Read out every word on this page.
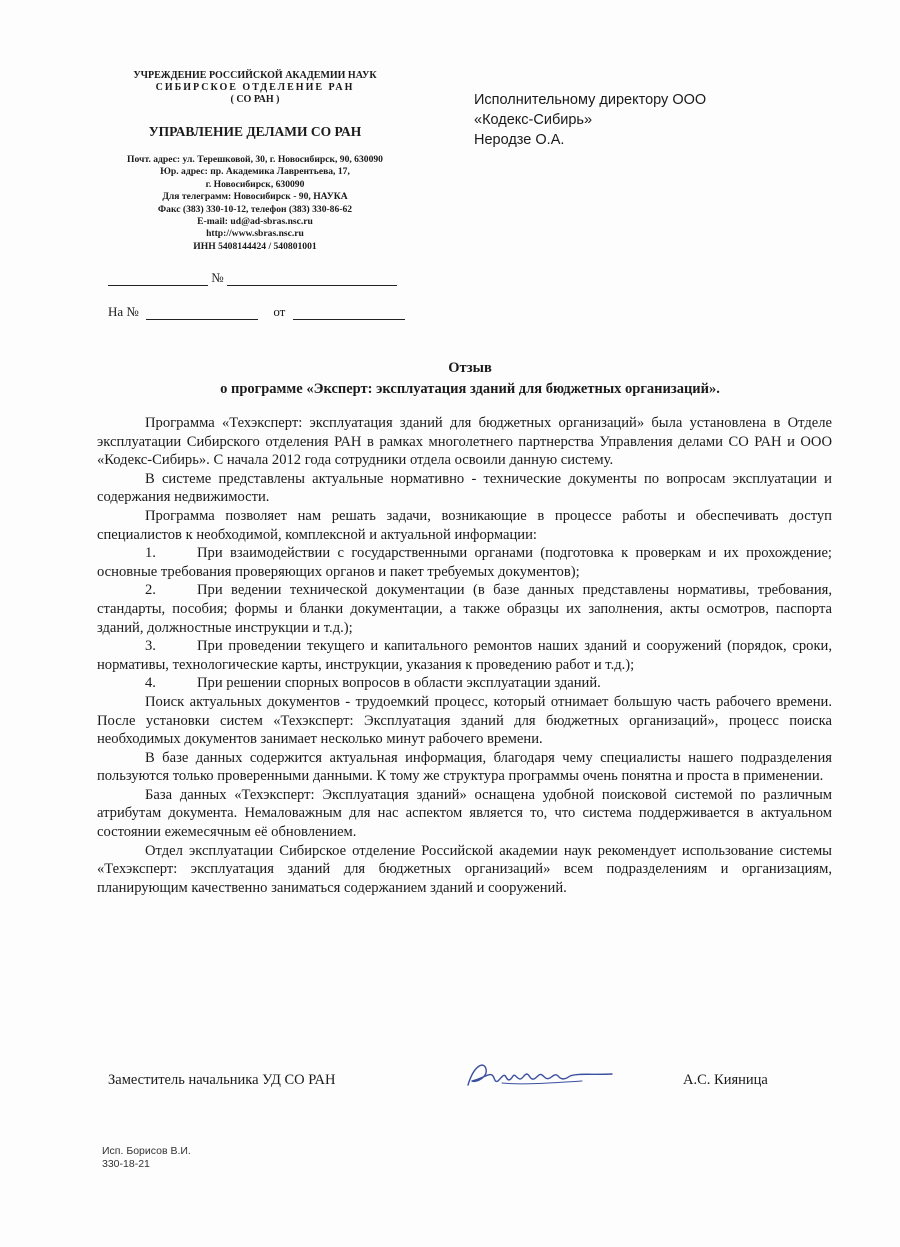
УЧРЕЖДЕНИЕ РОССИЙСКОЙ АКАДЕМИИ НАУК
СИБИРСКОЕ ОТДЕЛЕНИЕ РАН
( СО РАН )
УПРАВЛЕНИЕ ДЕЛАМИ СО РАН
Почт. адрес: ул. Терешковой, 30, г. Новосибирск, 90, 630090
Юр. адрес: пр. Академика Лаврентьева, 17,
г. Новосибирск, 630090
Для телеграмм: Новосибирск - 90, НАУКА
Факс (383) 330-10-12, телефон (383) 330-86-62
E-mail: ud@ad-sbras.nsc.ru
http://www.sbras.nsc.ru
ИНН 5408144424 / 540801001
№
На №	от
Исполнительному директору ООО
«Кодекс-Сибирь»
Неродзе О.А.
Отзыв
о программе «Эксперт: эксплуатация зданий для бюджетных организаций».

Программа «Техэксперт: эксплуатация зданий для бюджетных организаций» была установлена в Отделе эксплуатации Сибирского отделения РАН в рамках многолетнего партнерства Управления делами СО РАН и ООО «Кодекс-Сибирь». С начала 2012 года сотрудники отдела освоили данную систему.

В системе представлены актуальные нормативно - технические документы по вопросам эксплуатации и содержания недвижимости.

Программа позволяет нам решать задачи, возникающие в процессе работы и обеспечивать доступ специалистов к необходимой, комплексной и актуальной информации:

1.	При взаимодействии с государственными органами (подготовка к проверкам и их прохождение; основные требования проверяющих органов и пакет требуемых документов);

2.	При ведении технической документации (в базе данных представлены нормативы, требования, стандарты, пособия; формы и бланки документации, а также образцы их заполнения, акты осмотров, паспорта зданий, должностные инструкции и т.д.);

3.	При проведении текущего и капитального ремонтов наших зданий и сооружений (порядок, сроки, нормативы, технологические карты, инструкции, указания к проведению работ и т.д.);

4.	При решении спорных вопросов в области эксплуатации зданий.

Поиск актуальных документов - трудоемкий процесс, который отнимает большую часть рабочего времени. После установки систем «Техэксперт: Эксплуатация зданий для бюджетных организаций», процесс поиска необходимых документов занимает несколько минут рабочего времени.

В базе данных содержится актуальная информация, благодаря чему специалисты нашего подразделения пользуются только проверенными данными. К тому же структура программы очень понятна и проста в применении.

База данных «Техэксперт: Эксплуатация зданий» оснащена удобной поисковой системой по различным атрибутам документа. Немаловажным для нас аспектом является то, что система поддерживается в актуальном состоянии ежемесячным её обновлением.

Отдел эксплуатации Сибирское отделение Российской академии наук рекомендует использование системы «Техэксперт: эксплуатация зданий для бюджетных организаций» всем подразделениям и организациям, планирующим качественно заниматься содержанием зданий и сооружений.

Заместитель начальника УД СО РАН	А.С. Кияница
Исп. Борисов В.И.
330-18-21
